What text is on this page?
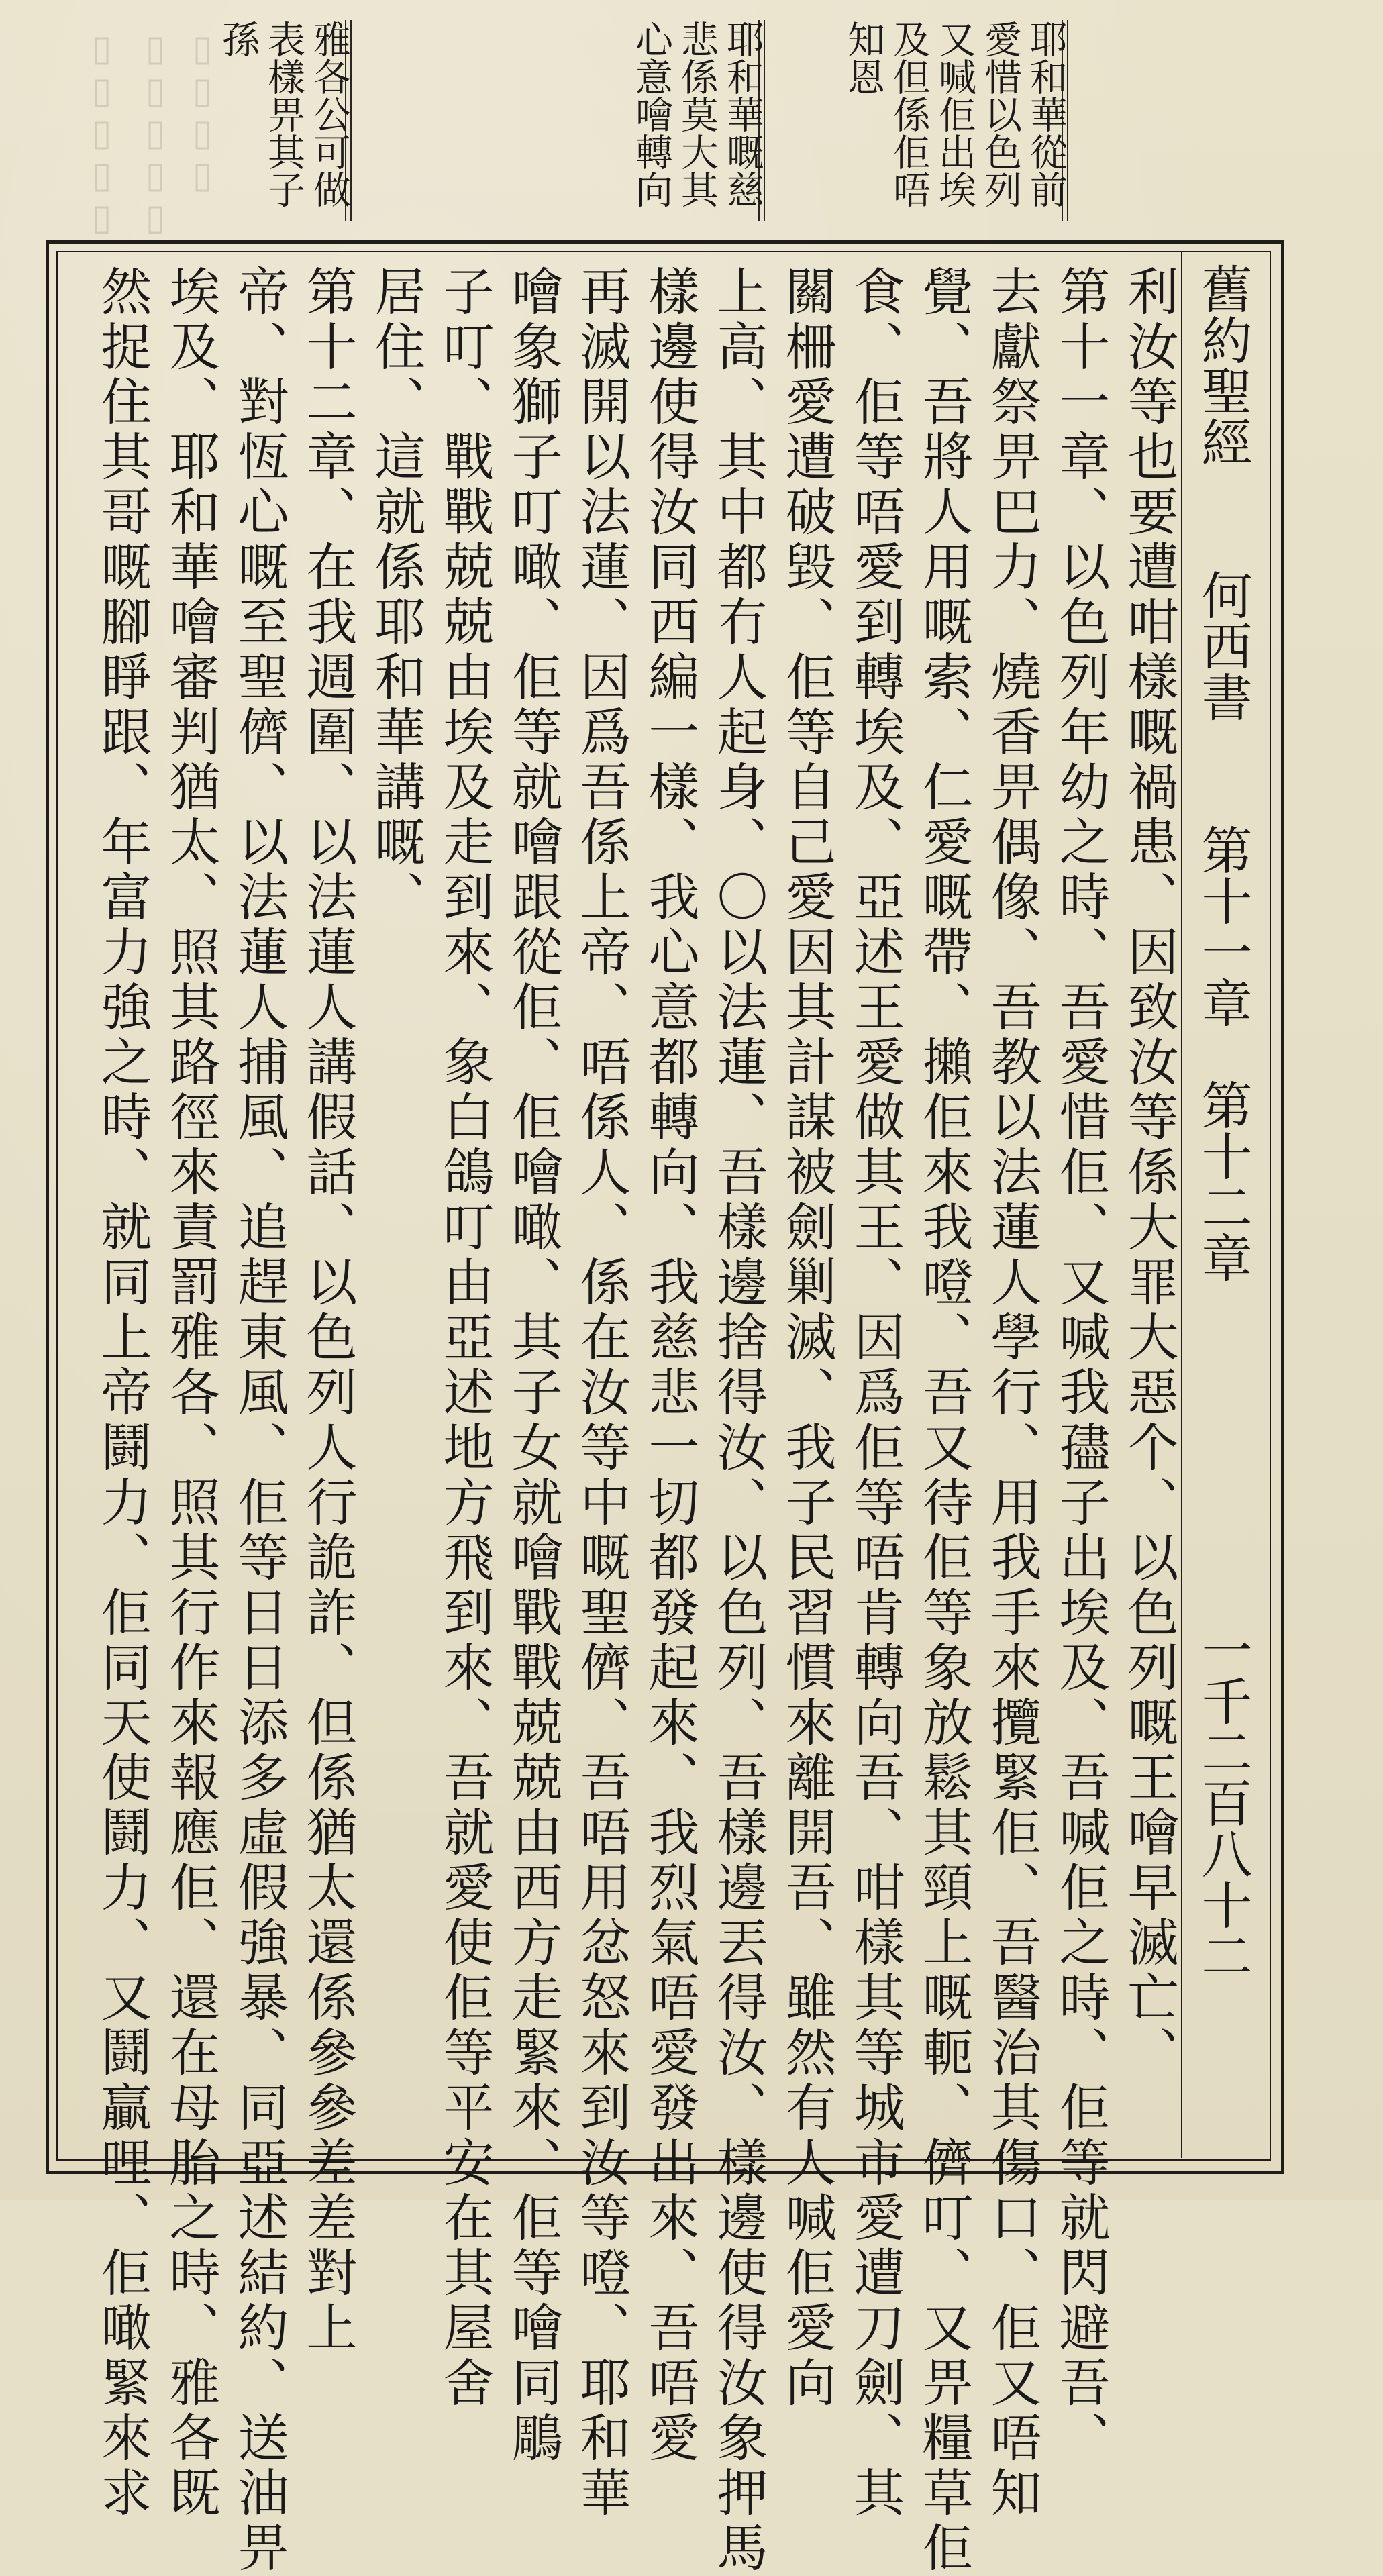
▯▯▯▯▯ ▯▯▯▯▯ ▯▯▯▯	耶和華從前
愛惜以色列
又喊佢出埃
及但係佢唔
知恩
耶和華嘅慈
悲係莫大其
心意噲轉向
雅各公可做
表樣畀其子
孫
舊約聖經　　何西書　　第十一章　第十二章
一千二百八十二
利汝等也要遭咁樣嘅禍患、因致汝等係大罪大惡个、以色列嘅王噲早滅亡、
第十一章、以色列年幼之時、吾愛惜佢、又喊我孻子出埃及、吾喊佢之時、佢等就閃避吾、
去獻祭畀巴力、燒香畀偶像、吾教以法蓮人學行、用我手來攬緊佢、吾醫治其傷口、佢又唔知
覺、吾將人用嘅索、仁愛嘅帶、攋佢來我噔、吾又待佢等象放鬆其頸上嘅軛、儕叮、又畀糧草佢
食、佢等唔愛到轉埃及、亞述王愛做其王、因爲佢等唔肯轉向吾、咁樣其等城市愛遭刀劍、其
關柵愛遭破毀、佢等自己愛因其計謀被劍剿滅、我子民習慣來離開吾、雖然有人喊佢愛向
上高、其中都冇人起身、〇以法蓮、吾樣邊捨得汝、以色列、吾樣邊丟得汝、樣邊使得汝象押馬
樣邊使得汝同西編一樣、我心意都轉向、我慈悲一切都發起來、我烈氣唔愛發出來、吾唔愛
再滅開以法蓮、因爲吾係上帝、唔係人、係在汝等中嘅聖儕、吾唔用忿怒來到汝等噔、耶和華
噲象獅子叮噉、佢等就噲跟從佢、佢噲噉、其子女就噲戰戰兢兢由西方走緊來、佢等噲同鵰
子叮、戰戰兢兢由埃及走到來、象白鴿叮由亞述地方飛到來、吾就愛使佢等平安在其屋舍
居住、這就係耶和華講嘅、
第十二章、在我週圍、以法蓮人講假話、以色列人行詭詐、但係猶太還係參參差差對上
帝、對恆心嘅至聖儕、以法蓮人捕風、追趕東風、佢等日日添多虛假強暴、同亞述結約、送油畀
埃及、耶和華噲審判猶太、照其路徑來責罰雅各、照其行作來報應佢、還在母胎之時、雅各既
然捉住其哥嘅腳睜跟、年富力強之時、就同上帝鬪力、佢同天使鬪力、又鬪贏哩、佢噉緊來求
